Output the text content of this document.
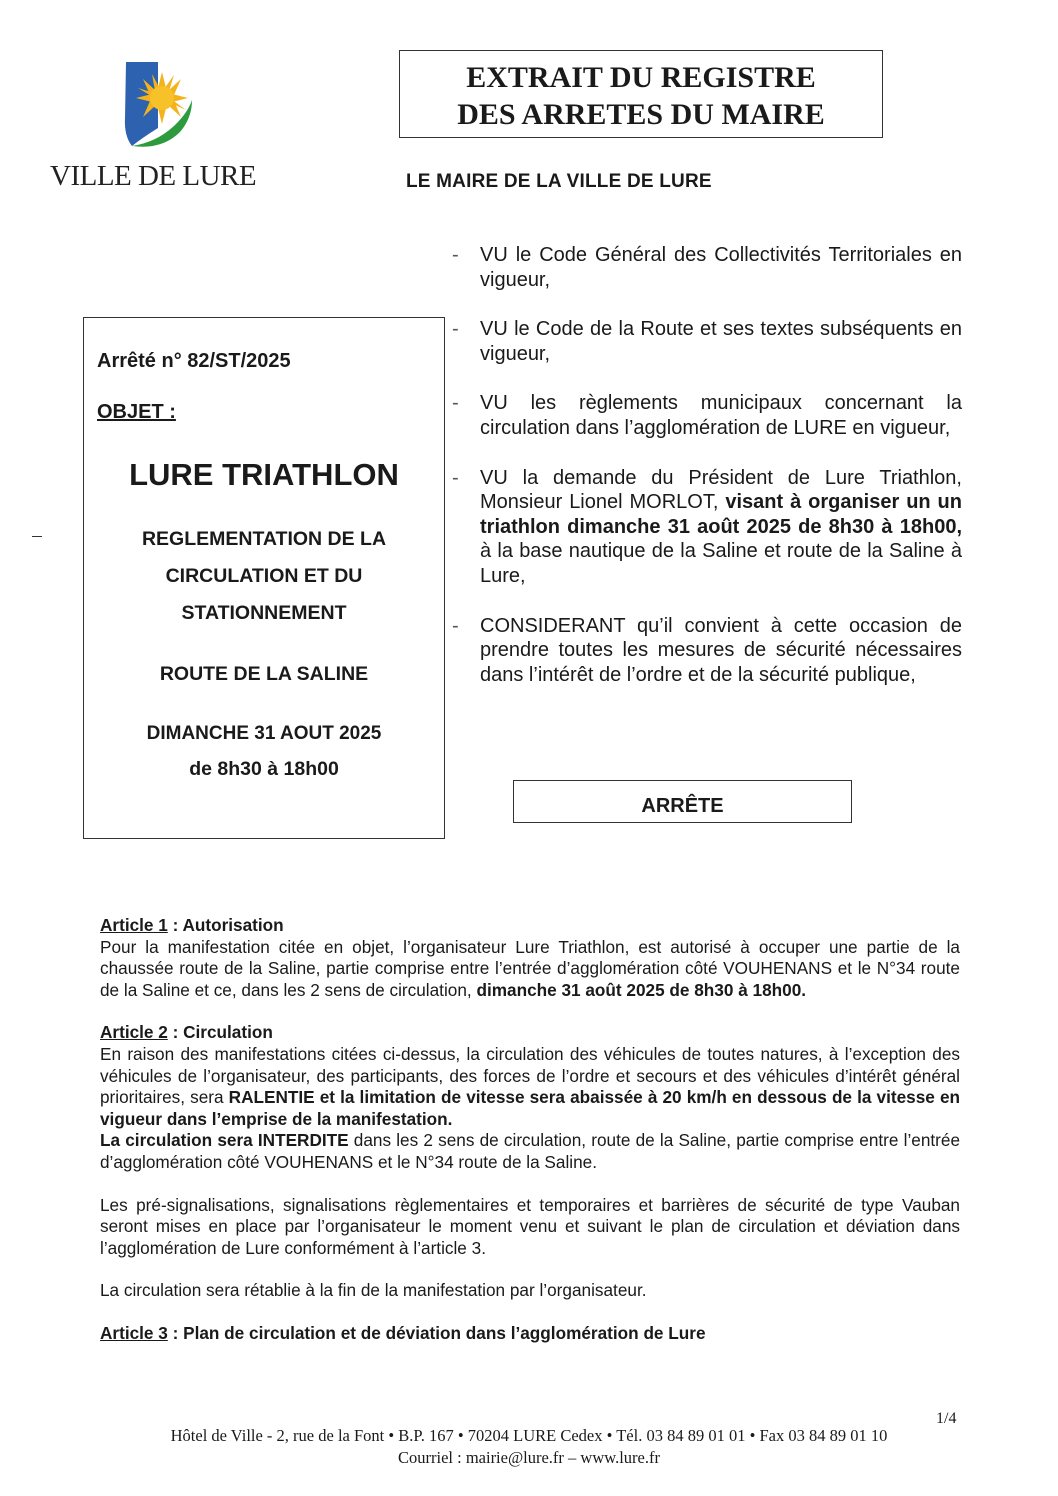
VILLE DE LURE
EXTRAIT DU REGISTRE
DES ARRETES DU MAIRE
LE MAIRE DE LA VILLE DE LURE
Arrêté n° 82/ST/2025
OBJET :
LURE TRIATHLON
REGLEMENTATION DE LA
CIRCULATION ET DU
STATIONNEMENT
ROUTE DE LA SALINE
DIMANCHE 31 AOUT 2025
de 8h30 à 18h00
- VU le Code Général des Collectivités Territoriales en vigueur,
- VU le Code de la Route et ses textes subséquents en vigueur,
- VU les règlements municipaux concernant la circulation dans l’agglomération de LURE en vigueur,
- VU la demande du Président de Lure Triathlon, Monsieur Lionel MORLOT, visant à organiser un un triathlon dimanche 31 août 2025 de 8h30 à 18h00, à la base nautique de la Saline et route de la Saline à Lure,
- CONSIDERANT qu’il convient à cette occasion de prendre toutes les mesures de sécurité nécessaires dans l’intérêt de l’ordre et de la sécurité publique,
ARRÊTE

Article 1 : Autorisation

Pour la manifestation citée en objet, l’organisateur Lure Triathlon, est autorisé à occuper une partie de la chaussée route de la Saline, partie comprise entre l’entrée d’agglomération côté VOUHENANS et le N°34 route de la Saline et ce, dans les 2 sens de circulation, dimanche 31 août 2025 de 8h30 à 18h00.

Article 2 : Circulation

En raison des manifestations citées ci-dessus, la circulation des véhicules de toutes natures, à l’exception des véhicules de l’organisateur, des participants, des forces de l’ordre et secours et des véhicules d’intérêt général prioritaires, sera RALENTIE et la limitation de vitesse sera abaissée à 20 km/h en dessous de la vitesse en vigueur dans l’emprise de la manifestation.

La circulation sera INTERDITE dans les 2 sens de circulation, route de la Saline, partie comprise entre l’entrée d’agglomération côté VOUHENANS et le N°34 route de la Saline.

Les pré-signalisations, signalisations règlementaires et temporaires et barrières de sécurité de type Vauban seront mises en place par l’organisateur le moment venu et suivant le plan de circulation et déviation dans l’agglomération de Lure conformément à l’article 3.

La circulation sera rétablie à la fin de la manifestation par l’organisateur.

Article 3 : Plan de circulation et de déviation dans l’agglomération de Lure

1/4
Hôtel de Ville - 2, rue de la Font • B.P. 167 • 70204 LURE Cedex • Tél. 03 84 89 01 01 • Fax 03 84 89 01 10
Courriel : mairie@lure.fr – www.lure.fr
